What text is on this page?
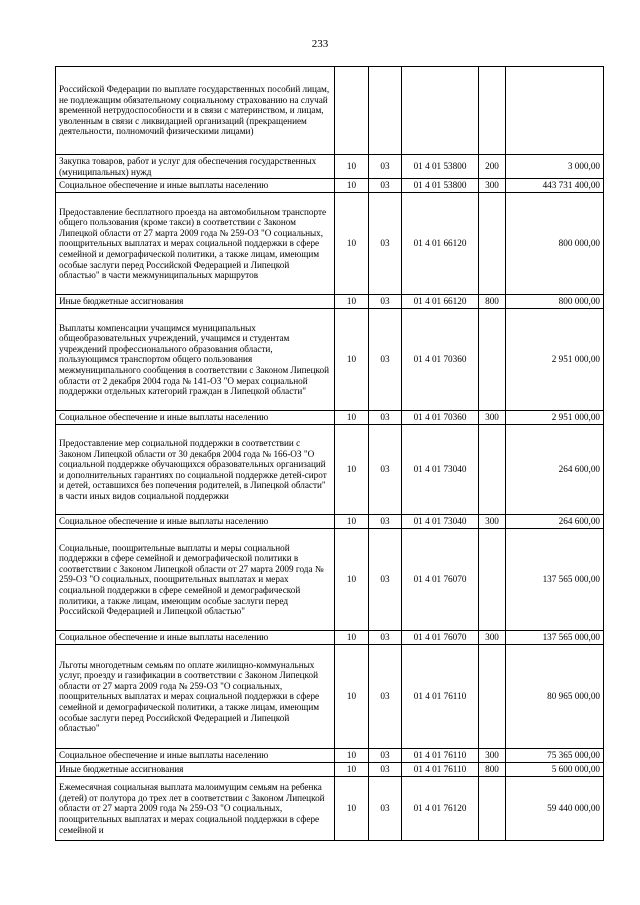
233
Российской Федерации по выплате государственных пособий лицам, не подлежащим обязательному социальному страхованию на случай временной нетрудоспособности и в связи с материнством, и лицам, уволенным в связи с ликвидацией организаций (прекращением деятельности, полномочий физическими лицами)					
Закупка товаров, работ и услуг для обеспечения государственных (муниципальных) нужд	10	03	01 4 01 53800	200	3 000,00
Социальное обеспечение и иные выплаты населению	10	03	01 4 01 53800	300	443 731 400,00
Предоставление бесплатного проезда на автомобильном транспорте общего пользования (кроме такси) в соответствии с Законом Липецкой области от 27 марта 2009 года № 259-ОЗ "О социальных, поощрительных выплатах и мерах социальной поддержки в сфере семейной и демографической политики, а также лицам, имеющим особые заслуги перед Российской Федерацией и Липецкой областью" в части межмуниципальных маршрутов	10	03	01 4 01 66120		800 000,00
Иные бюджетные ассигнования	10	03	01 4 01 66120	800	800 000,00
Выплаты компенсации учащимся муниципальных общеобразовательных учреждений, учащимся и студентам учреждений профессионального образования области, пользующимся транспортом общего пользования межмуниципального сообщения в соответствии с Законом Липецкой области от 2 декабря 2004 года № 141-ОЗ "О мерах социальной поддержки отдельных категорий граждан в Липецкой области"	10	03	01 4 01 70360		2 951 000,00
Социальное обеспечение и иные выплаты населению	10	03	01 4 01 70360	300	2 951 000,00
Предоставление мер социальной поддержки в соответствии с Законом Липецкой области от 30 декабря 2004 года № 166-ОЗ "О социальной поддержке обучающихся образовательных организаций и дополнительных гарантиях по социальной поддержке детей-сирот и детей, оставшихся без попечения родителей, в Липецкой области" в части иных видов социальной поддержки	10	03	01 4 01 73040		264 600,00
Социальное обеспечение и иные выплаты населению	10	03	01 4 01 73040	300	264 600,00
Социальные, поощрительные выплаты и меры социальной поддержки в сфере семейной и демографической политики в соответствии с Законом Липецкой области от 27 марта 2009 года № 259-ОЗ "О социальных, поощрительных выплатах и мерах социальной поддержки в сфере семейной и демографической политики, а также лицам, имеющим особые заслуги перед Российской Федерацией и Липецкой областью"	10	03	01 4 01 76070		137 565 000,00
Социальное обеспечение и иные выплаты населению	10	03	01 4 01 76070	300	137 565 000,00
Льготы многодетным семьям по оплате жилищно-коммунальных услуг, проезду и газификации в соответствии с Законом Липецкой области от 27 марта 2009 года № 259-ОЗ "О социальных, поощрительных выплатах и мерах социальной поддержки в сфере семейной и демографической политики, а также лицам, имеющим особые заслуги перед Российской Федерацией и Липецкой областью"	10	03	01 4 01 76110		80 965 000,00
Социальное обеспечение и иные выплаты населению	10	03	01 4 01 76110	300	75 365 000,00
Иные бюджетные ассигнования	10	03	01 4 01 76110	800	5 600 000,00
Ежемесячная социальная выплата малоимущим семьям на ребенка (детей) от полутора до трех лет в соответствии с Законом Липецкой области от 27 марта 2009 года № 259-ОЗ "О социальных, поощрительных выплатах и мерах социальной поддержки в сфере семейной и	10	03	01 4 01 76120		59 440 000,00
